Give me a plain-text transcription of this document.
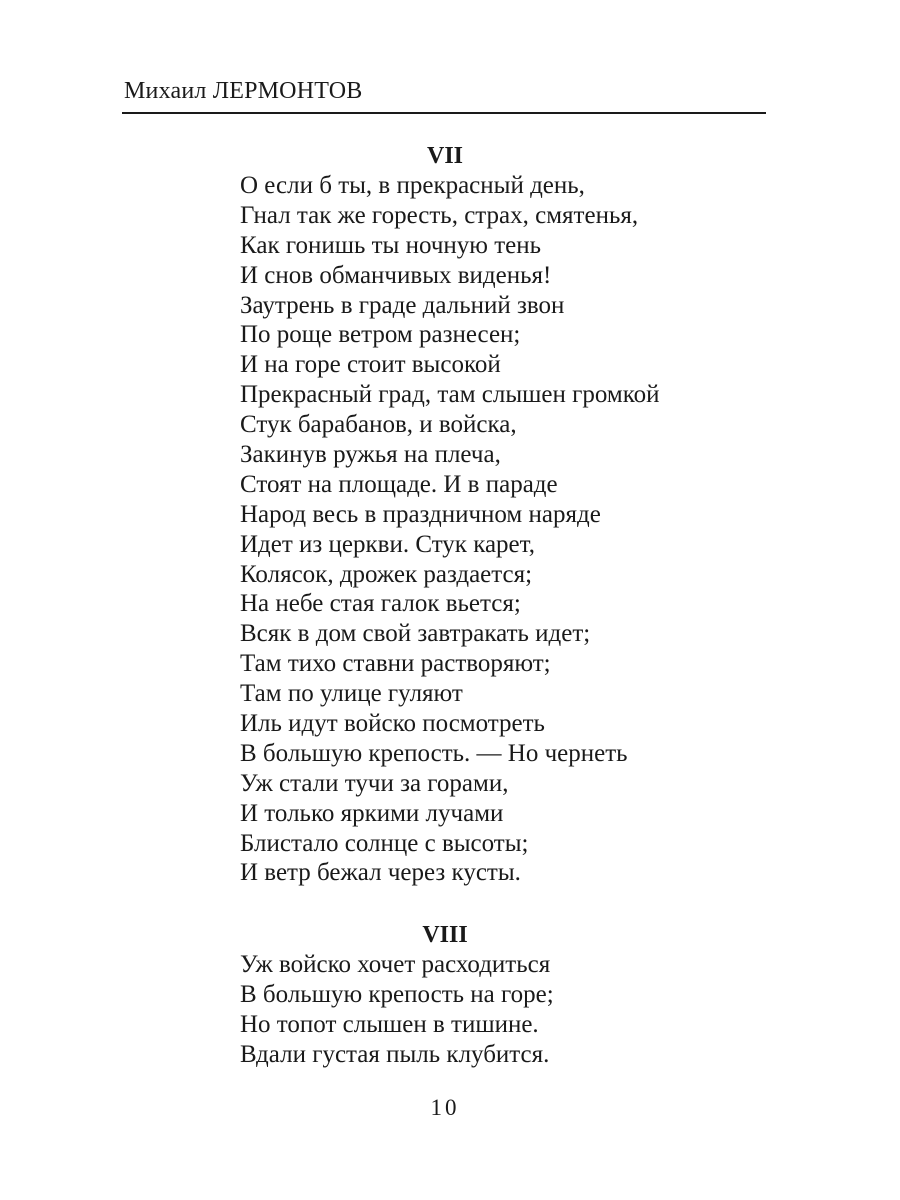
Михаил ЛЕРМОНТОВ
VII
О если б ты, в прекрасный день,
Гнал так же горесть, страх, смятенья,
Как гонишь ты ночную тень
И снов обманчивых виденья!
Заутрень в граде дальний звон
По роще ветром разнесен;
И на горе стоит высокой
Прекрасный град, там слышен громкой
Стук барабанов, и войска,
Закинув ружья на плеча,
Стоят на площаде. И в параде
Народ весь в праздничном наряде
Идет из церкви. Стук карет,
Колясок, дрожек раздается;
На небе стая галок вьется;
Всяк в дом свой завтракать идет;
Там тихо ставни растворяют;
Там по улице гуляют
Иль идут войско посмотреть
В большую крепость. — Но чернеть
Уж стали тучи за горами,
И только яркими лучами
Блистало солнце с высоты;
И ветр бежал через кусты.
VIII
Уж войско хочет расходиться
В большую крепость на горе;
Но топот слышен в тишине.
Вдали густая пыль клубится.
10
